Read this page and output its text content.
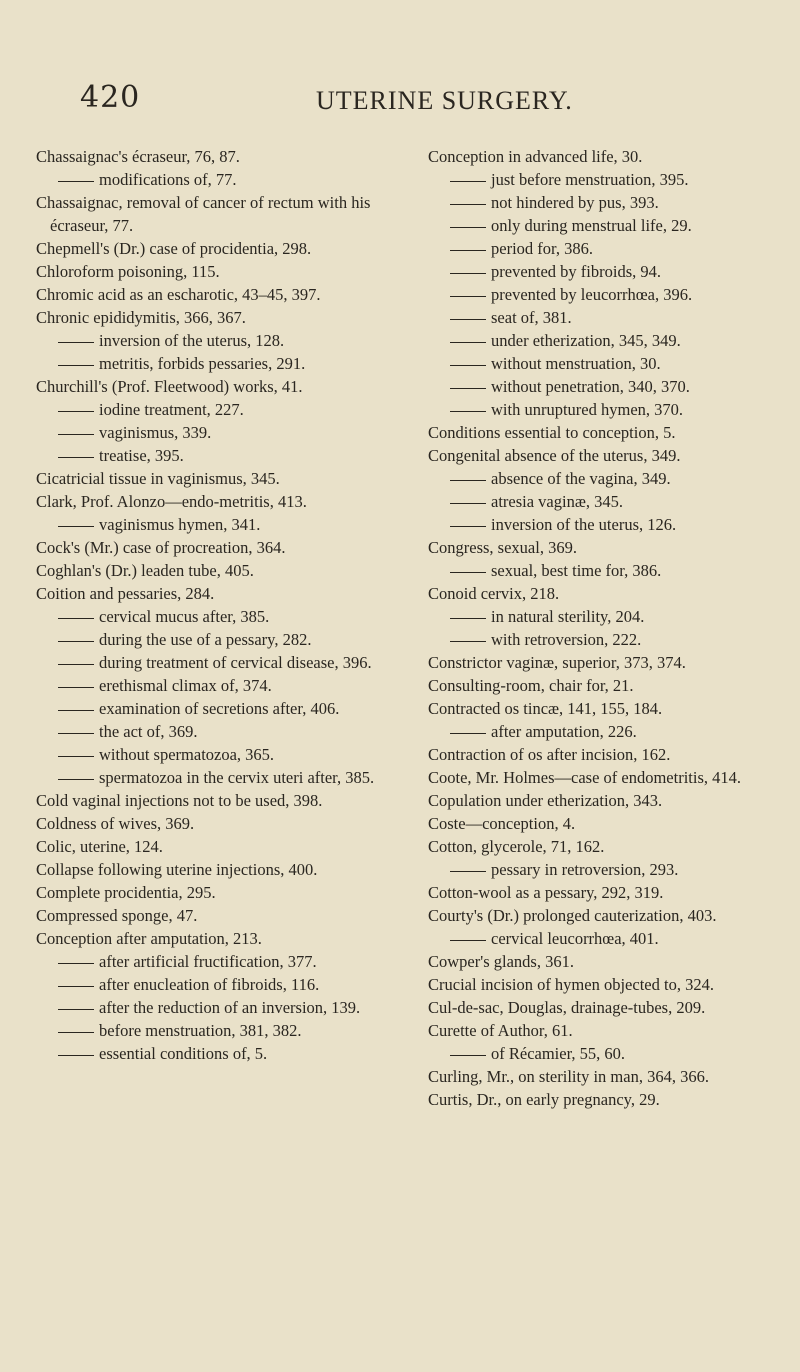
420	UTERINE SURGERY.

Chassaignac's écraseur, 76, 87.

modifications of, 77.

Chassaignac, removal of cancer of rectum with his écraseur, 77.

Chepmell's (Dr.) case of procidentia, 298.

Chloroform poisoning, 115.

Chromic acid as an escharotic, 43–45, 397.

Chronic epididymitis, 366, 367.

inversion of the uterus, 128.

metritis, forbids pessaries, 291.

Churchill's (Prof. Fleetwood) works, 41.

iodine treatment, 227.

vaginismus, 339.

treatise, 395.

Cicatricial tissue in vaginismus, 345.

Clark, Prof. Alonzo—endo-metritis, 413.

vaginismus hymen, 341.

Cock's (Mr.) case of procreation, 364.

Coghlan's (Dr.) leaden tube, 405.

Coition and pessaries, 284.

cervical mucus after, 385.

during the use of a pessary, 282.

during treatment of cervical disease, 396.

erethismal climax of, 374.

examination of secretions after, 406.

the act of, 369.

without spermatozoa, 365.

spermatozoa in the cervix uteri after, 385.

Cold vaginal injections not to be used, 398.

Coldness of wives, 369.

Colic, uterine, 124.

Collapse following uterine injections, 400.

Complete procidentia, 295.

Compressed sponge, 47.

Conception after amputation, 213.

after artificial fructification, 377.

after enucleation of fibroids, 116.

after the reduction of an inversion, 139.

before menstruation, 381, 382.

essential conditions of, 5.

Conception in advanced life, 30.

just before menstruation, 395.

not hindered by pus, 393.

only during menstrual life, 29.

period for, 386.

prevented by fibroids, 94.

prevented by leucorrhœa, 396.

seat of, 381.

under etherization, 345, 349.

without menstruation, 30.

without penetration, 340, 370.

with unruptured hymen, 370.

Conditions essential to conception, 5.

Congenital absence of the uterus, 349.

absence of the vagina, 349.

atresia vaginæ, 345.

inversion of the uterus, 126.

Congress, sexual, 369.

sexual, best time for, 386.

Conoid cervix, 218.

in natural sterility, 204.

with retroversion, 222.

Constrictor vaginæ, superior, 373, 374.

Consulting-room, chair for, 21.

Contracted os tincæ, 141, 155, 184.

after amputation, 226.

Contraction of os after incision, 162.

Coote, Mr. Holmes—case of endometritis, 414.

Copulation under etherization, 343.

Coste—conception, 4.

Cotton, glycerole, 71, 162.

pessary in retroversion, 293.

Cotton-wool as a pessary, 292, 319.

Courty's (Dr.) prolonged cauterization, 403.

cervical leucorrhœa, 401.

Cowper's glands, 361.

Crucial incision of hymen objected to, 324.

Cul-de-sac, Douglas, drainage-tubes, 209.

Curette of Author, 61.

of Récamier, 55, 60.

Curling, Mr., on sterility in man, 364, 366.

Curtis, Dr., on early pregnancy, 29.
